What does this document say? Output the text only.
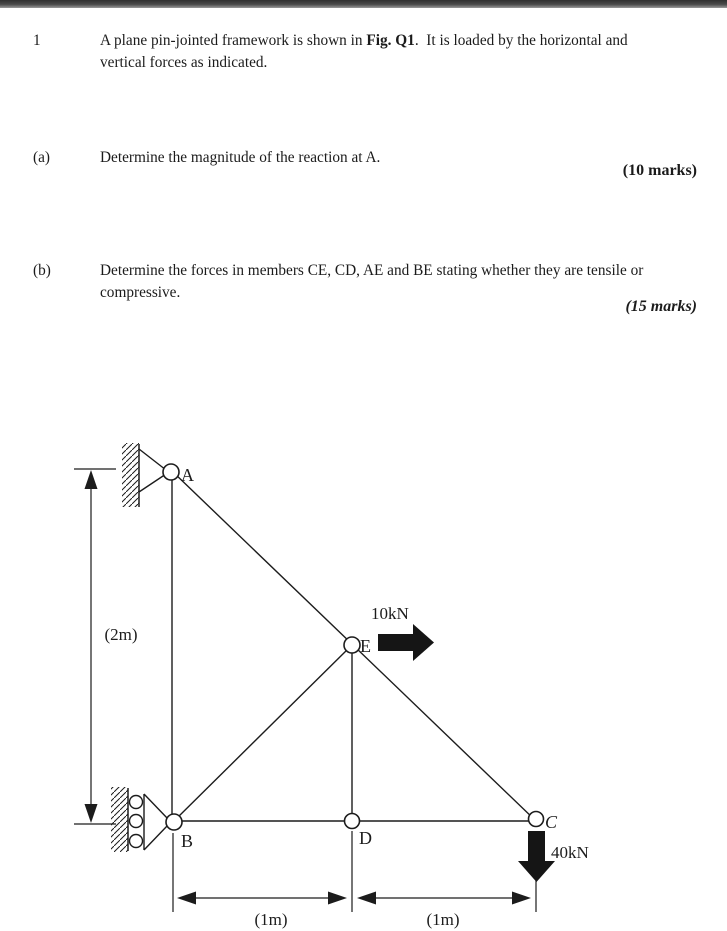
1	A plane pin-jointed framework is shown in Fig. Q1.  It is loaded by the horizontal and
vertical forces as indicated.
(a)	Determine the magnitude of the reaction at A.
(10 marks)
(b)	Determine the forces in members CE, CD, AE and BE stating whether they are tensile or
compressive.
(15 marks)
(2m)
(1m)	(1m)
10kN
40kN
A
B
C
D
E
